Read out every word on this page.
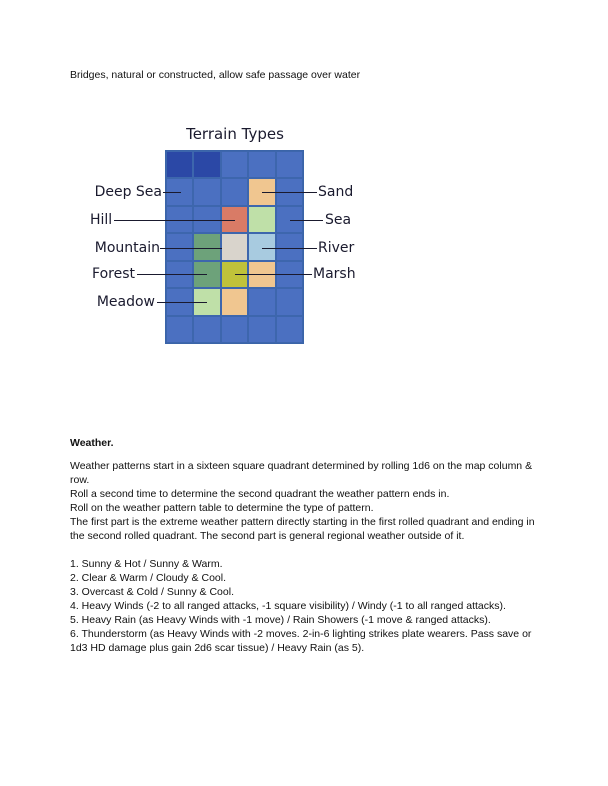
Bridges, natural or constructed, allow safe passage over water

Terrain Types
Deep Sea
Hill
Mountain
Forest
Meadow
Sand
Sea
River
Marsh
Weather.

Weather patterns start in a sixteen square quadrant determined by rolling 1d6 on the map column & row.

Roll a second time to determine the second quadrant the weather pattern ends in.

Roll on the weather pattern table to determine the type of pattern.

The first part is the extreme weather pattern directly starting in the first rolled quadrant and ending in the second rolled quadrant. The second part is general regional weather outside of it.

1. Sunny & Hot / Sunny & Warm.
2. Clear & Warm / Cloudy & Cool.
3. Overcast & Cold / Sunny & Cool.
4. Heavy Winds (-2 to all ranged attacks, -1 square visibility) / Windy (-1 to all ranged attacks).
5. Heavy Rain (as Heavy Winds with -1 move) / Rain Showers (-1 move & ranged attacks).
6. Thunderstorm (as Heavy Winds with -2 moves. 2-in-6 lighting strikes plate wearers. Pass save or 1d3 HD damage plus gain 2d6 scar tissue) / Heavy Rain (as 5).
